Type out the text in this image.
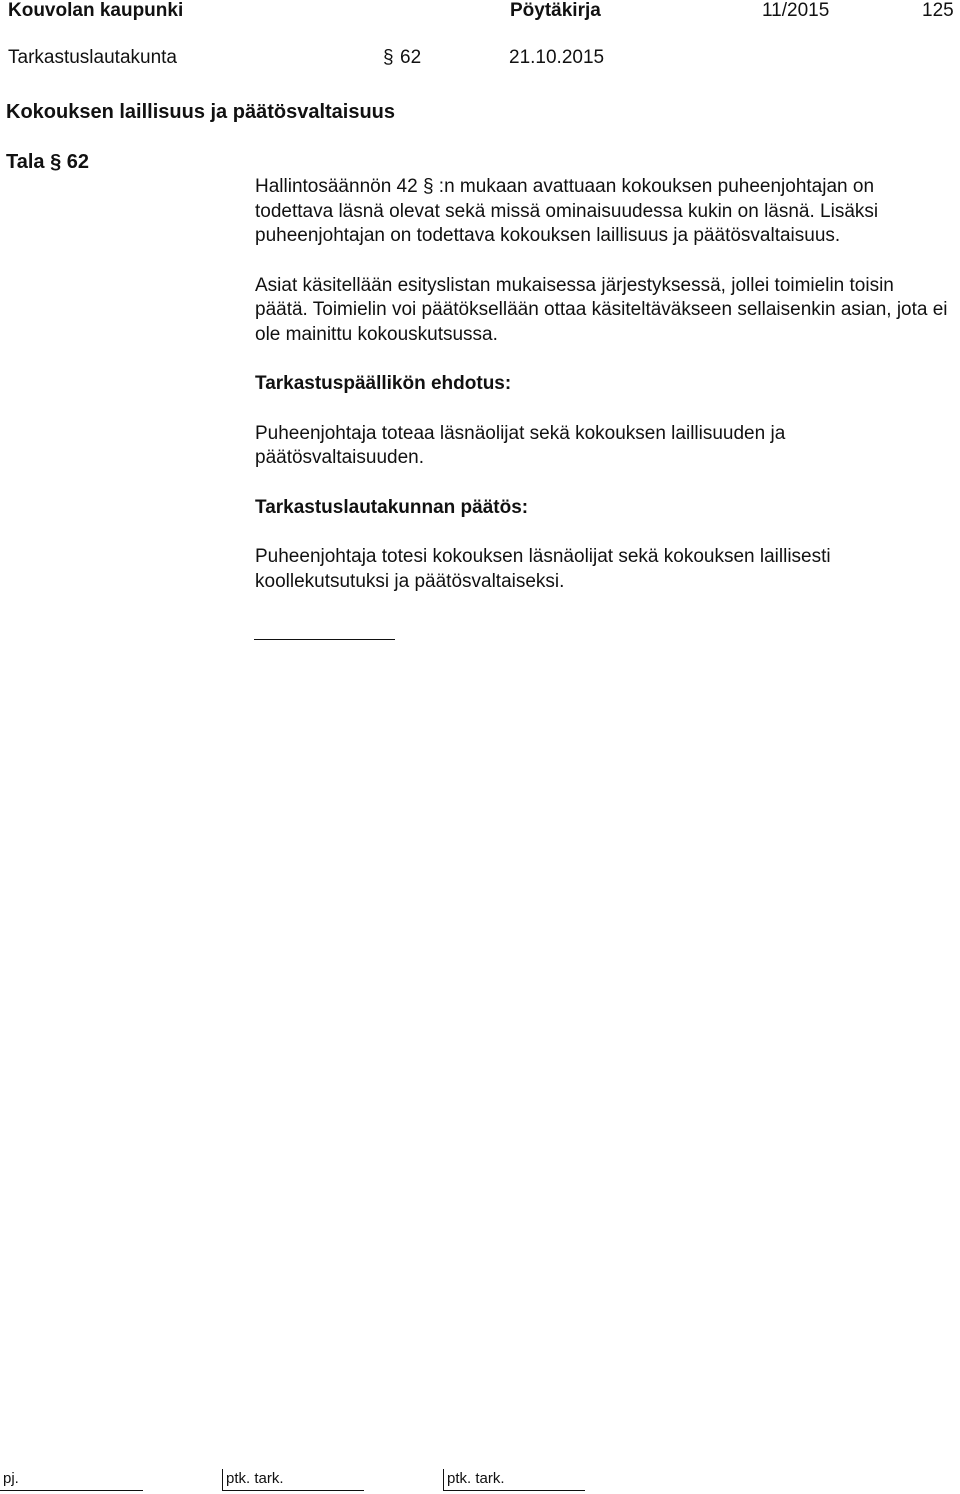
Kouvolan kaupunki	Pöytäkirja	11/2015	125
Tarkastuslautakunta	§ 62	21.10.2015
Kokouksen laillisuus ja päätösvaltaisuus
Tala § 62

Hallintosäännön 42 § :n mukaan avattuaan kokouksen puheenjohtajan on todettava läsnä olevat sekä missä ominaisuudessa kukin on läsnä. Lisäksi puheenjohtajan on todettava kokouksen laillisuus ja päätösvaltaisuus.

Asiat käsitellään esityslistan mukaisessa järjestyksessä, jollei toimielin toisin päätä. Toimielin voi päätöksellään ottaa käsiteltäväkseen sellaisenkin asian, jota ei ole mainittu kokouskutsussa.

Tarkastuspäällikön ehdotus:

Puheenjohtaja toteaa läsnäolijat sekä kokouksen laillisuuden ja päätösvaltaisuuden.

Tarkastuslautakunnan päätös:

Puheenjohtaja totesi kokouksen läsnäolijat sekä kokouksen laillisesti koollekutsutuksi ja päätösvaltaiseksi.

pj.	ptk. tark.	ptk. tark.
